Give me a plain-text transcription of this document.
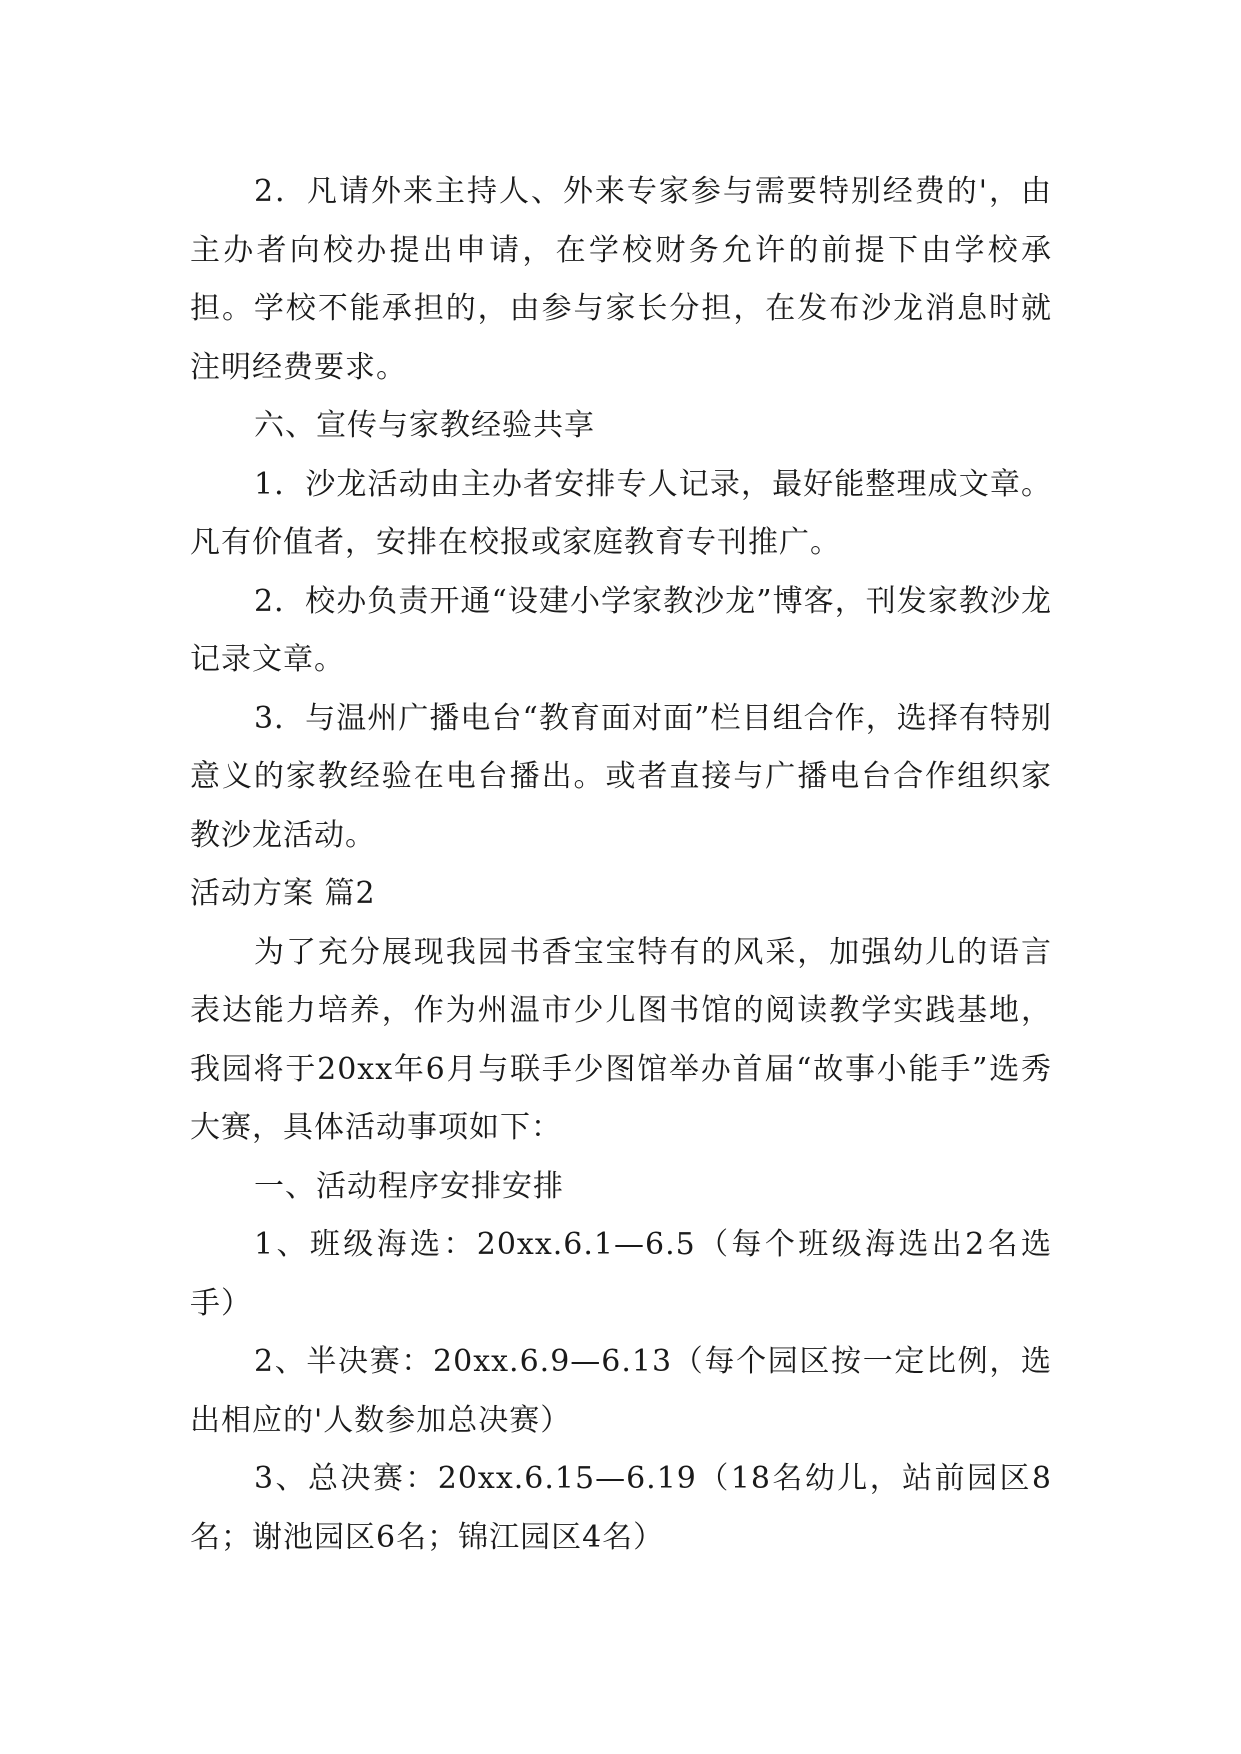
2．凡请外来主持人、外来专家参与需要特别经费的'，由主办者向校办提出申请，在学校财务允许的前提下由学校承担。学校不能承担的，由参与家长分担，在发布沙龙消息时就注明经费要求。

六、宣传与家教经验共享

1．沙龙活动由主办者安排专人记录，最好能整理成文章。凡有价值者，安排在校报或家庭教育专刊推广。

2．校办负责开通“设建小学家教沙龙”博客，刊发家教沙龙记录文章。

3．与温州广播电台“教育面对面”栏目组合作，选择有特别意义的家教经验在电台播出。或者直接与广播电台合作组织家教沙龙活动。

活动方案 篇2

为了充分展现我园书香宝宝特有的风采，加强幼儿的语言表达能力培养，作为州温市少儿图书馆的阅读教学实践基地，我园将于20xx年6月与联手少图馆举办首届“故事小能手”选秀大赛，具体活动事项如下：

一、活动程序安排安排

1、班级海选：20xx.6.1—6.5（每个班级海选出2名选手）

2、半决赛：20xx.6.9—6.13（每个园区按一定比例，选出相应的'人数参加总决赛）

3、总决赛：20xx.6.15—6.19（18名幼儿，站前园区8名；谢池园区6名；锦江园区4名）
